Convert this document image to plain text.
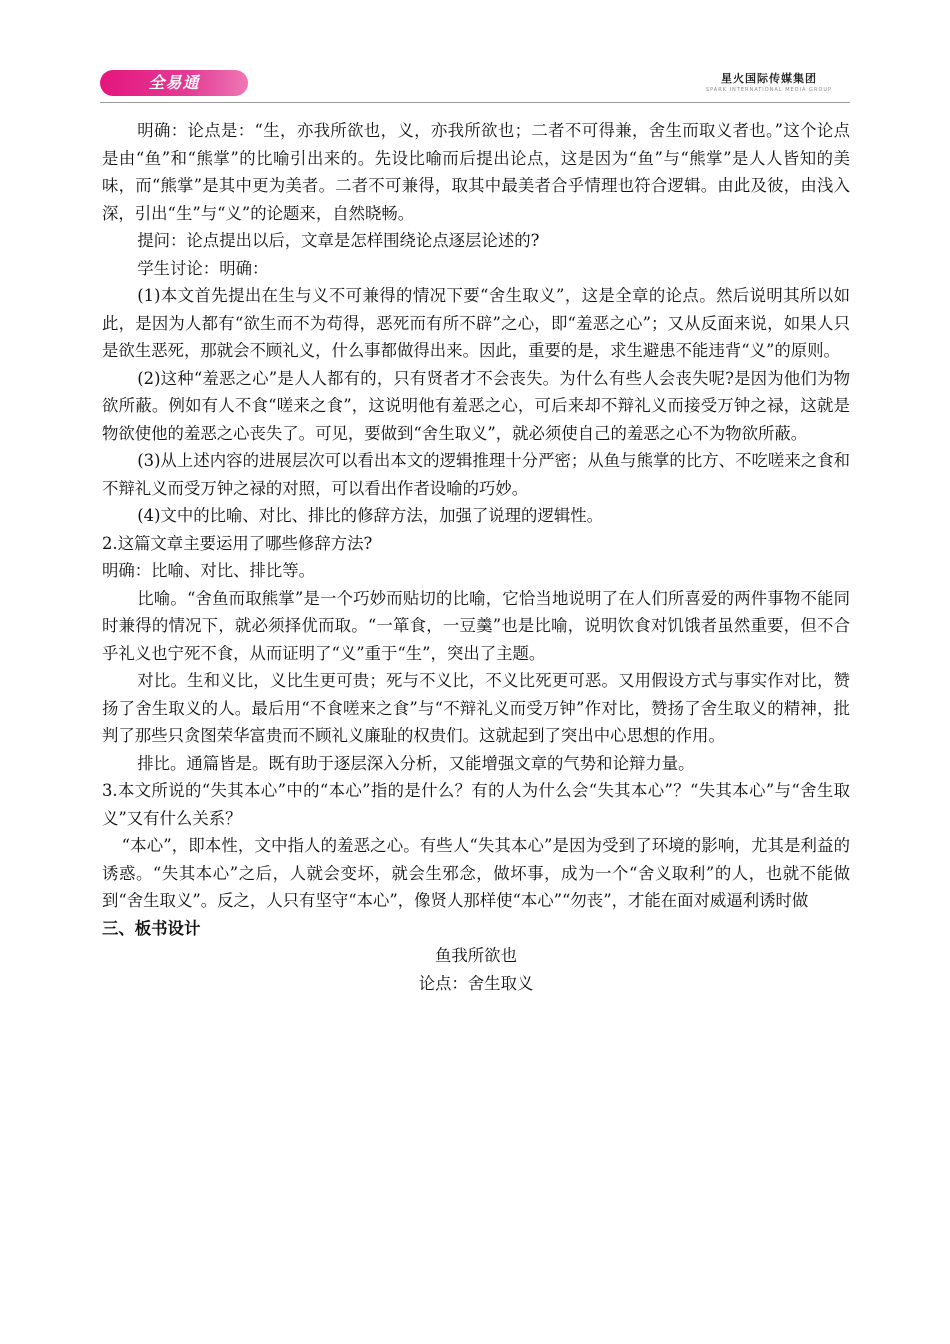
全易通	星火国际传媒集团
SPARK INTERNATIONAL MEDIA GROUP

明确：论点是：“生，亦我所欲也，义，亦我所欲也；二者不可得兼，舍生而取义者也。”这个论点是由“鱼”和“熊掌”的比喻引出来的。先设比喻而后提出论点，这是因为“鱼”与“熊掌”是人人皆知的美味，而“熊掌”是其中更为美者。二者不可兼得，取其中最美者合乎情理也符合逻辑。由此及彼，由浅入深，引出“生”与“义”的论题来，自然晓畅。

提问：论点提出以后，文章是怎样围绕论点逐层论述的?

学生讨论：明确：

(1)本文首先提出在生与义不可兼得的情况下要“舍生取义”，这是全章的论点。然后说明其所以如此，是因为人都有“欲生而不为苟得，恶死而有所不辟”之心，即“羞恶之心”；又从反面来说，如果人只是欲生恶死，那就会不顾礼义，什么事都做得出来。因此，重要的是，求生避患不能违背“义”的原则。

(2)这种“羞恶之心”是人人都有的，只有贤者才不会丧失。为什么有些人会丧失呢?是因为他们为物欲所蔽。例如有人不食“嗟来之食”，这说明他有羞恶之心，可后来却不辩礼义而接受万钟之禄，这就是物欲使他的羞恶之心丧失了。可见，要做到“舍生取义”，就必须使自己的羞恶之心不为物欲所蔽。

(3)从上述内容的进展层次可以看出本文的逻辑推理十分严密；从鱼与熊掌的比方、不吃嗟来之食和不辩礼义而受万钟之禄的对照，可以看出作者设喻的巧妙。

(4)文中的比喻、对比、排比的修辞方法，加强了说理的逻辑性。

2.这篇文章主要运用了哪些修辞方法?

明确：比喻、对比、排比等。

比喻。“舍鱼而取熊掌”是一个巧妙而贴切的比喻，它恰当地说明了在人们所喜爱的两件事物不能同时兼得的情况下，就必须择优而取。“一箪食，一豆羹”也是比喻，说明饮食对饥饿者虽然重要，但不合乎礼义也宁死不食，从而证明了“义”重于“生”，突出了主题。

对比。生和义比，义比生更可贵；死与不义比，不义比死更可恶。又用假设方式与事实作对比，赞扬了舍生取义的人。最后用“不食嗟来之食”与“不辩礼义而受万钟”作对比，赞扬了舍生取义的精神，批判了那些只贪图荣华富贵而不顾礼义廉耻的权贵们。这就起到了突出中心思想的作用。

排比。通篇皆是。既有助于逐层深入分析，又能增强文章的气势和论辩力量。

3.本文所说的“失其本心”中的“本心”指的是什么？有的人为什么会“失其本心”？“失其本心”与“舍生取义”又有什么关系？

“本心”，即本性，文中指人的羞恶之心。有些人“失其本心”是因为受到了环境的影响，尤其是利益的诱惑。“失其本心”之后，人就会变坏，就会生邪念，做坏事，成为一个“舍义取利”的人，也就不能做到“舍生取义”。反之，人只有坚守“本心”，像贤人那样使“本心”“勿丧”，才能在面对威逼利诱时做

三、板书设计

鱼我所欲也

论点：舍生取义
